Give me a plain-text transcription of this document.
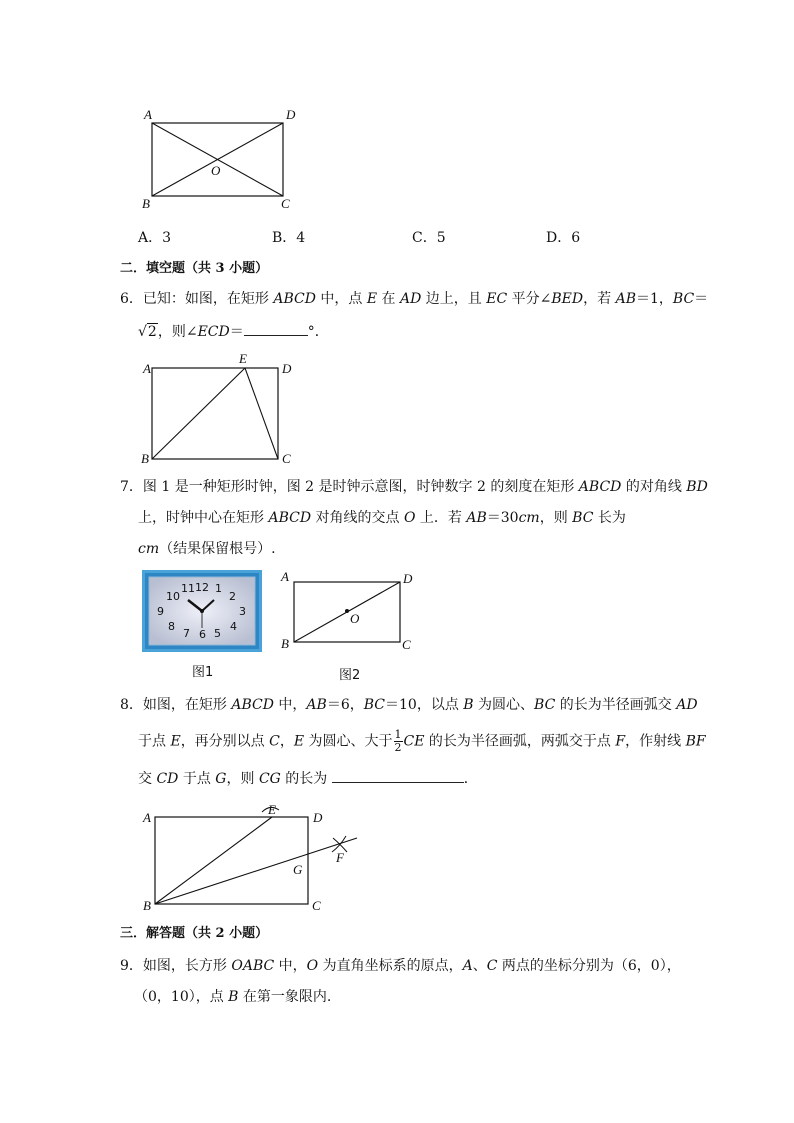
A	D
O
B	C
A．3	B．4	C．5	D．6
二．填空题（共 3 小题）
6．已知：如图，在矩形 ABCD 中，点 E 在 AD 边上，且 EC 平分∠BED，若 AB＝1，BC＝
√2，则∠ECD＝	°．
A
E
D
B	C
7．图 1 是一种矩形时钟，图 2 是时钟示意图，时钟数字 2 的刻度在矩形 ABCD 的对角线 BD
上，时钟中心在矩形 ABCD 对角线的交点 O 上．若 AB＝30cm，则 BC 长为
cm（结果保留根号）.
12
11 1
10	2
9	3
8	4
7 6 5
图1
A	D
O
B	C
图2
8．如图，在矩形 ABCD 中，AB＝6，BC＝10，以点 B 为圆心、BC 的长为半径画弧交 AD
于点 E，再分别以点 C，E 为圆心、大于 $\frac{1}{2}$ CE 的长为半径画弧，两弧交于点 F，作射线 BF
交 CD 于点 G，则 CG 的长为	．
A
E
D
F
G
B	C
三．解答题（共 2 小题）
9．如图，长方形 OABC 中，O 为直角坐标系的原点，A、C 两点的坐标分别为（6，0），
（0，10），点 B 在第一象限内.
